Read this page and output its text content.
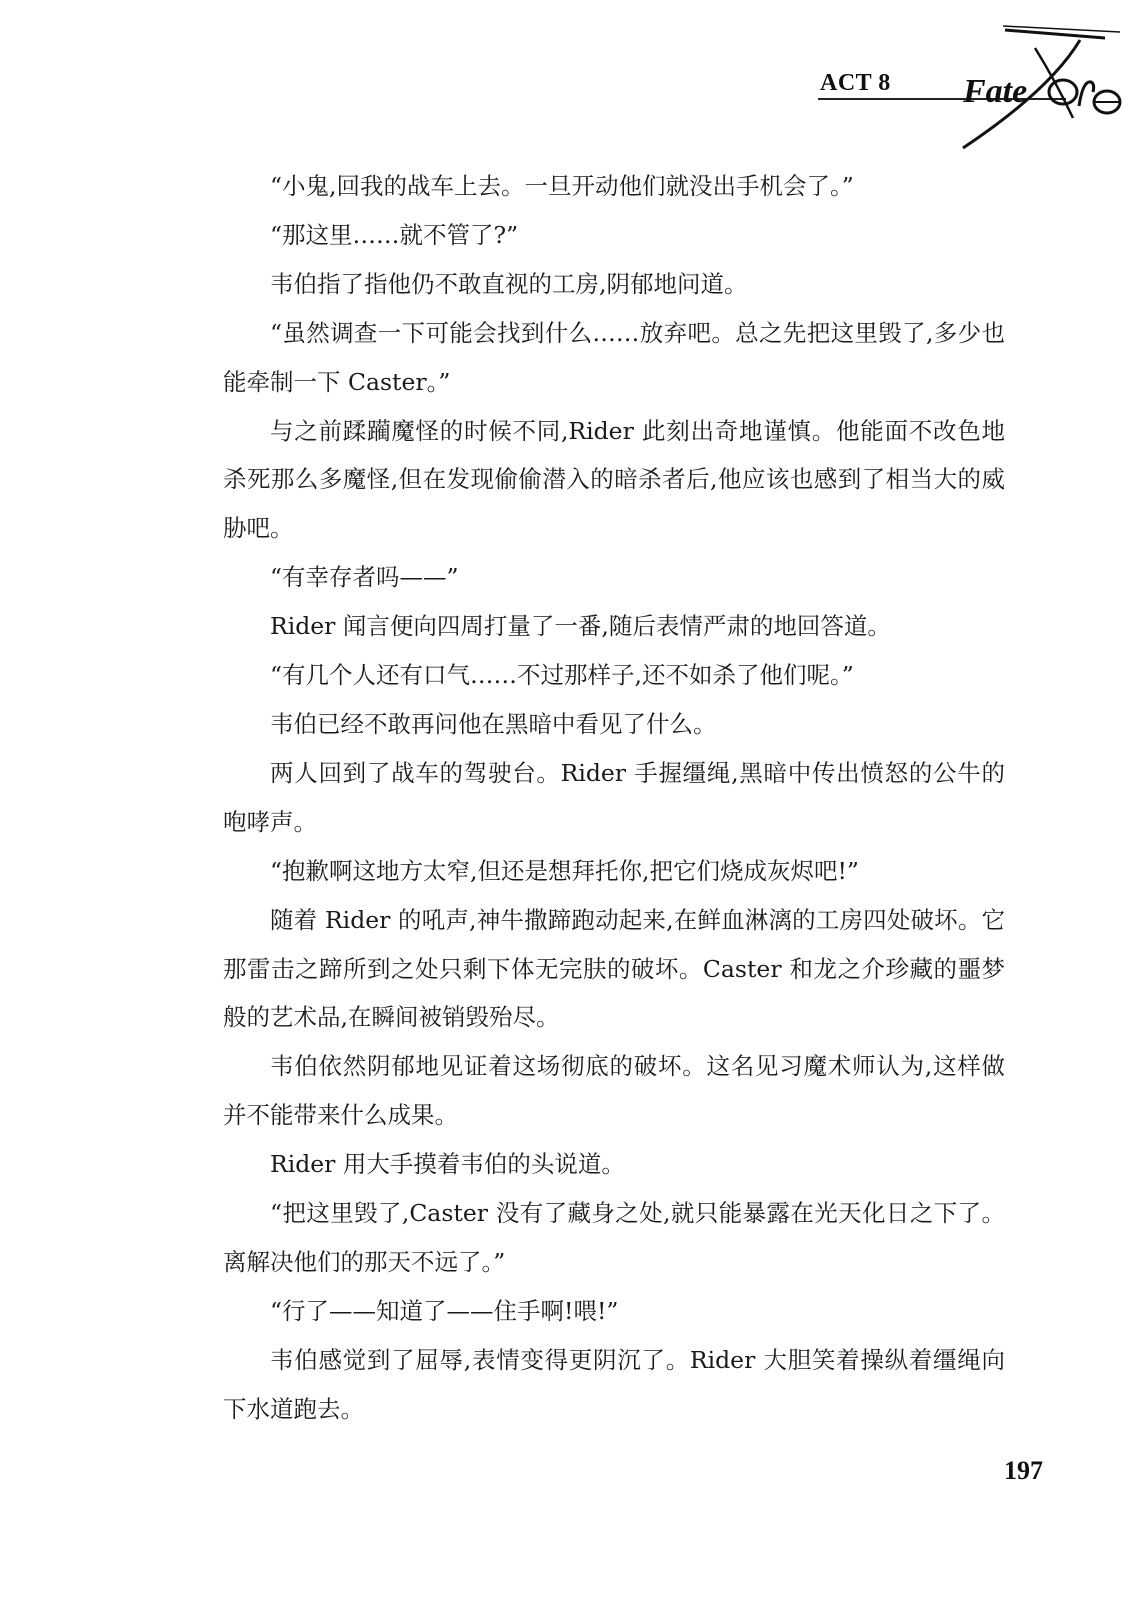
ACT 8 Fate

“小鬼,回我的战车上去。一旦开动他们就没出手机会了。”

“那这里……就不管了?”

韦伯指了指他仍不敢直视的工房,阴郁地问道。

“虽然调查一下可能会找到什么……放弃吧。总之先把这里毁了,多少也能牵制一下 Caster。”

与之前蹂躏魔怪的时候不同,Rider 此刻出奇地谨慎。他能面不改色地杀死那么多魔怪,但在发现偷偷潜入的暗杀者后,他应该也感到了相当大的威胁吧。

“有幸存者吗——”

Rider 闻言便向四周打量了一番,随后表情严肃的地回答道。

“有几个人还有口气……不过那样子,还不如杀了他们呢。”

韦伯已经不敢再问他在黑暗中看见了什么。

两人回到了战车的驾驶台。Rider 手握缰绳,黑暗中传出愤怒的公牛的咆哮声。

“抱歉啊这地方太窄,但还是想拜托你,把它们烧成灰烬吧!”

随着 Rider 的吼声,神牛撒蹄跑动起来,在鲜血淋漓的工房四处破坏。它那雷击之蹄所到之处只剩下体无完肤的破坏。Caster 和龙之介珍藏的噩梦般的艺术品,在瞬间被销毁殆尽。

韦伯依然阴郁地见证着这场彻底的破坏。这名见习魔术师认为,这样做并不能带来什么成果。

Rider 用大手摸着韦伯的头说道。

“把这里毁了,Caster 没有了藏身之处,就只能暴露在光天化日之下了。离解决他们的那天不远了。”

“行了——知道了——住手啊!喂!”

韦伯感觉到了屈辱,表情变得更阴沉了。Rider 大胆笑着操纵着缰绳向下水道跑去。

197
